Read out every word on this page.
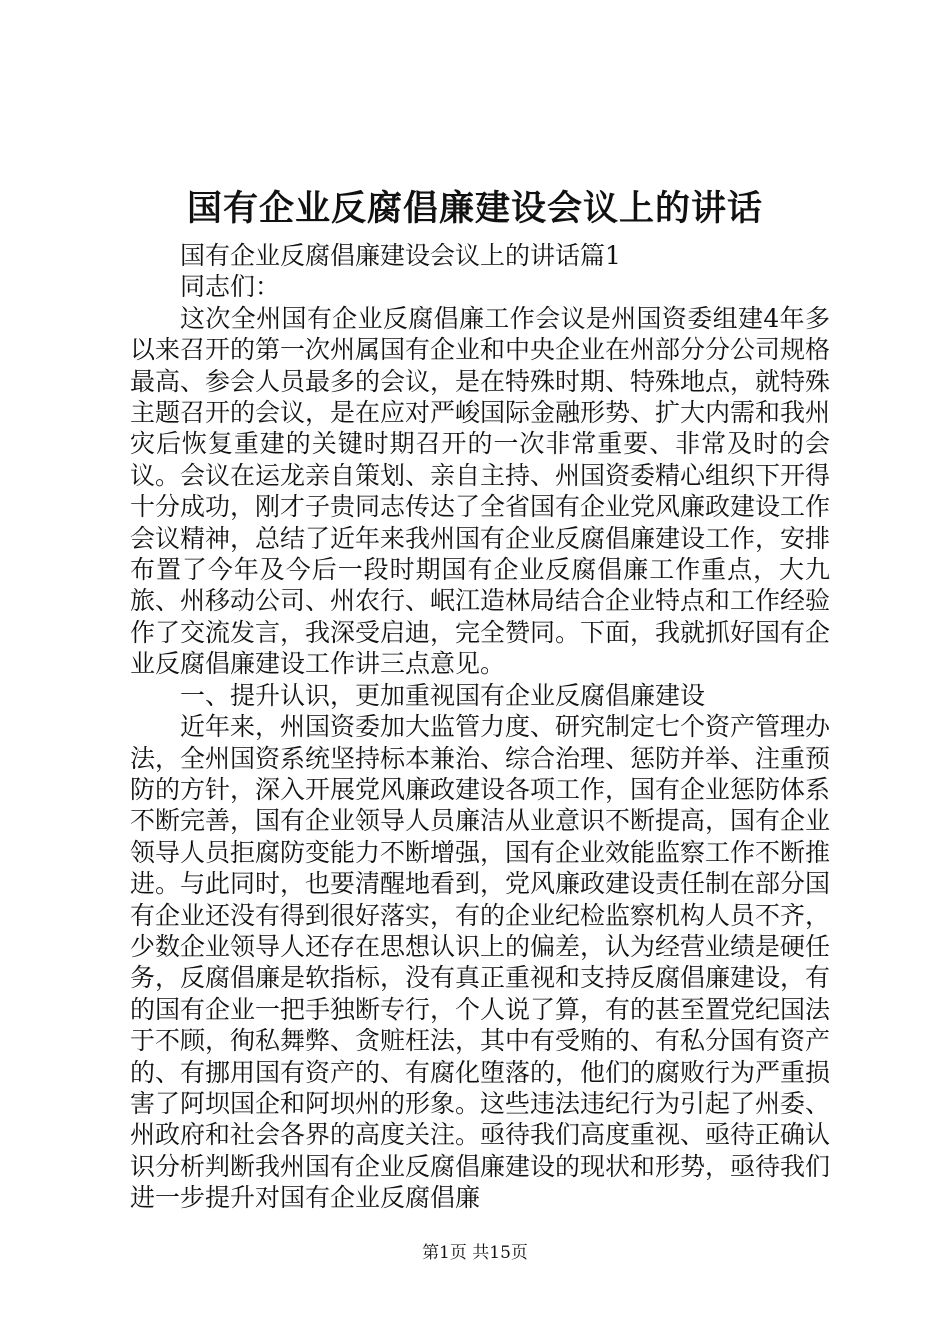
国有企业反腐倡廉建设会议上的讲话

国有企业反腐倡廉建设会议上的讲话篇1

同志们：

这次全州国有企业反腐倡廉工作会议是州国资委组建4年多以来召开的第一次州属国有企业和中央企业在州部分分公司规格最高、参会人员最多的会议，是在特殊时期、特殊地点，就特殊主题召开的会议，是在应对严峻国际金融形势、扩大内需和我州灾后恢复重建的关键时期召开的一次非常重要、非常及时的会议。会议在运龙亲自策划、亲自主持、州国资委精心组织下开得十分成功，刚才子贵同志传达了全省国有企业党风廉政建设工作会议精神，总结了近年来我州国有企业反腐倡廉建设工作，安排布置了今年及今后一段时期国有企业反腐倡廉工作重点，大九旅、州移动公司、州农行、岷江造林局结合企业特点和工作经验作了交流发言，我深受启迪，完全赞同。下面，我就抓好国有企业反腐倡廉建设工作讲三点意见。

一、提升认识，更加重视国有企业反腐倡廉建设

近年来，州国资委加大监管力度、研究制定七个资产管理办法，全州国资系统坚持标本兼治、综合治理、惩防并举、注重预防的方针，深入开展党风廉政建设各项工作，国有企业惩防体系不断完善，国有企业领导人员廉洁从业意识不断提高，国有企业领导人员拒腐防变能力不断增强，国有企业效能监察工作不断推进。与此同时，也要清醒地看到，党风廉政建设责任制在部分国有企业还没有得到很好落实，有的企业纪检监察机构人员不齐，少数企业领导人还存在思想认识上的偏差，认为经营业绩是硬任务，反腐倡廉是软指标，没有真正重视和支持反腐倡廉建设，有的国有企业一把手独断专行，个人说了算，有的甚至置党纪国法于不顾，徇私舞弊、贪赃枉法，其中有受贿的、有私分国有资产的、有挪用国有资产的、有腐化堕落的，他们的腐败行为严重损害了阿坝国企和阿坝州的形象。这些违法违纪行为引起了州委、州政府和社会各界的高度关注。亟待我们高度重视、亟待正确认识分析判断我州国有企业反腐倡廉建设的现状和形势，亟待我们进一步提升对国有企业反腐倡廉

第1页 共15页
